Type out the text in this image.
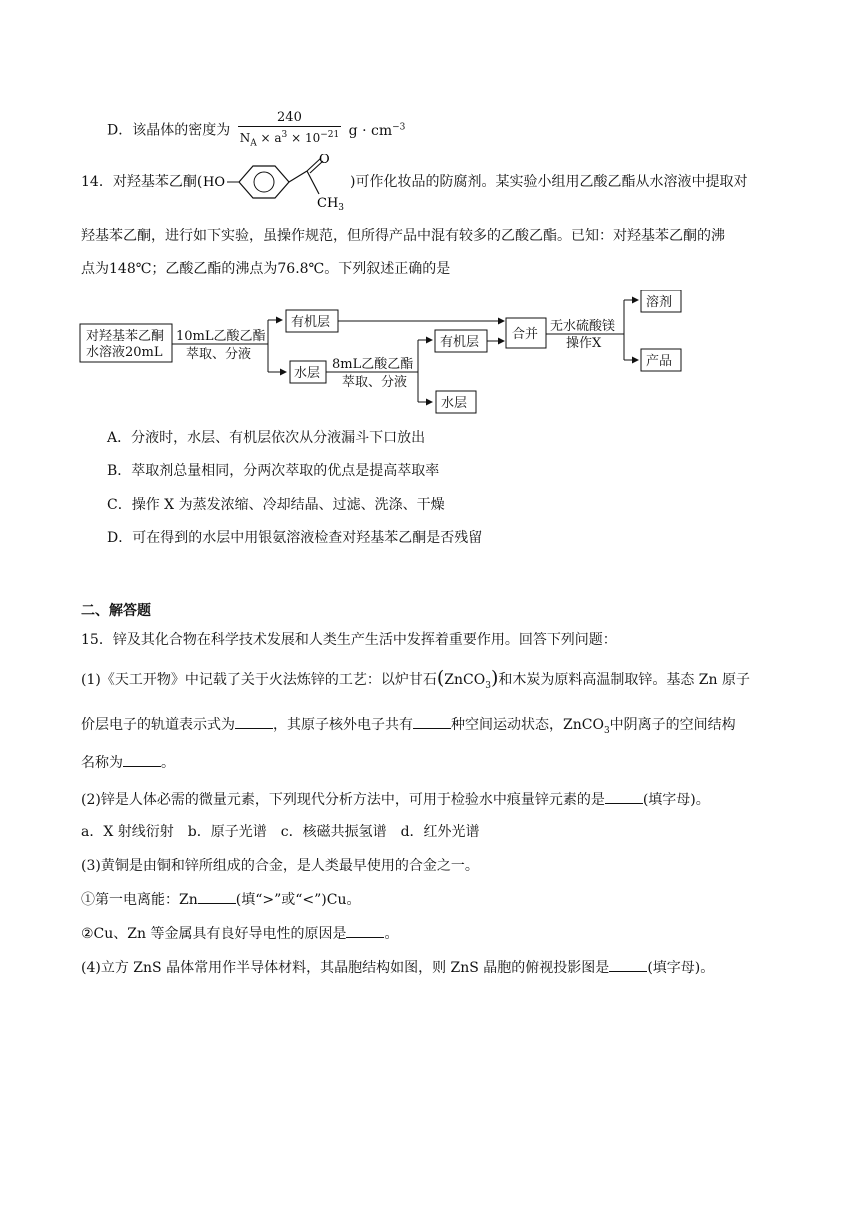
D．该晶体的密度为 $\frac{240}{N_A \times a^3 \times 10^{-21}}$ $g \cdot cm^{-3}$
14．对羟基苯乙酮( HO
O
$CH_3$
)可作化妆品的防腐剂。某实验小组用乙酸乙酯从水溶液中提取对
羟基苯乙酮，进行如下实验，虽操作规范，但所得产品中混有较多的乙酸乙酯。已知：对羟基苯乙酮的沸
点为148℃；乙酸乙酯的沸点为76.8℃。下列叙述正确的是
对羟基苯乙酮
水溶液20mL
10mL乙酸乙酯
萃取、分液
有机层
水层
8mL乙酸乙酯
萃取、分液
有机层
水层
合并
无水硫酸镁
操作X
溶剂
产品
A．分液时，水层、有机层依次从分液漏斗下口放出
B．萃取剂总量相同，分两次萃取的优点是提高萃取率
C．操作 X 为蒸发浓缩、冷却结晶、过滤、洗涤、干燥
D．可在得到的水层中用银氨溶液检查对羟基苯乙酮是否残留
二、解答题
15．锌及其化合物在科学技术发展和人类生产生活中发挥着重要作用。回答下列问题：
(1)《天工开物》中记载了关于火法炼锌的工艺：以炉甘石(ZnCO$_3$)和木炭为原料高温制取锌。基态 Zn 原子
价层电子的轨道表示式为	，其原子核外电子共有	种空间运动状态，ZnCO$_3$中阴离子的空间结构
名称为	。
(2)锌是人体必需的微量元素，下列现代分析方法中，可用于检验水中痕量锌元素的是	(填字母)。
a．X 射线衍射　b．原子光谱　c．核磁共振氢谱　d．红外光谱
(3)黄铜是由铜和锌所组成的合金，是人类最早使用的合金之一。
①第一电离能：Zn	(填“>”或“<”)Cu。
②Cu、Zn 等金属具有良好导电性的原因是	。
(4)立方 ZnS 晶体常用作半导体材料，其晶胞结构如图，则 ZnS 晶胞的俯视投影图是	(填字母)。
